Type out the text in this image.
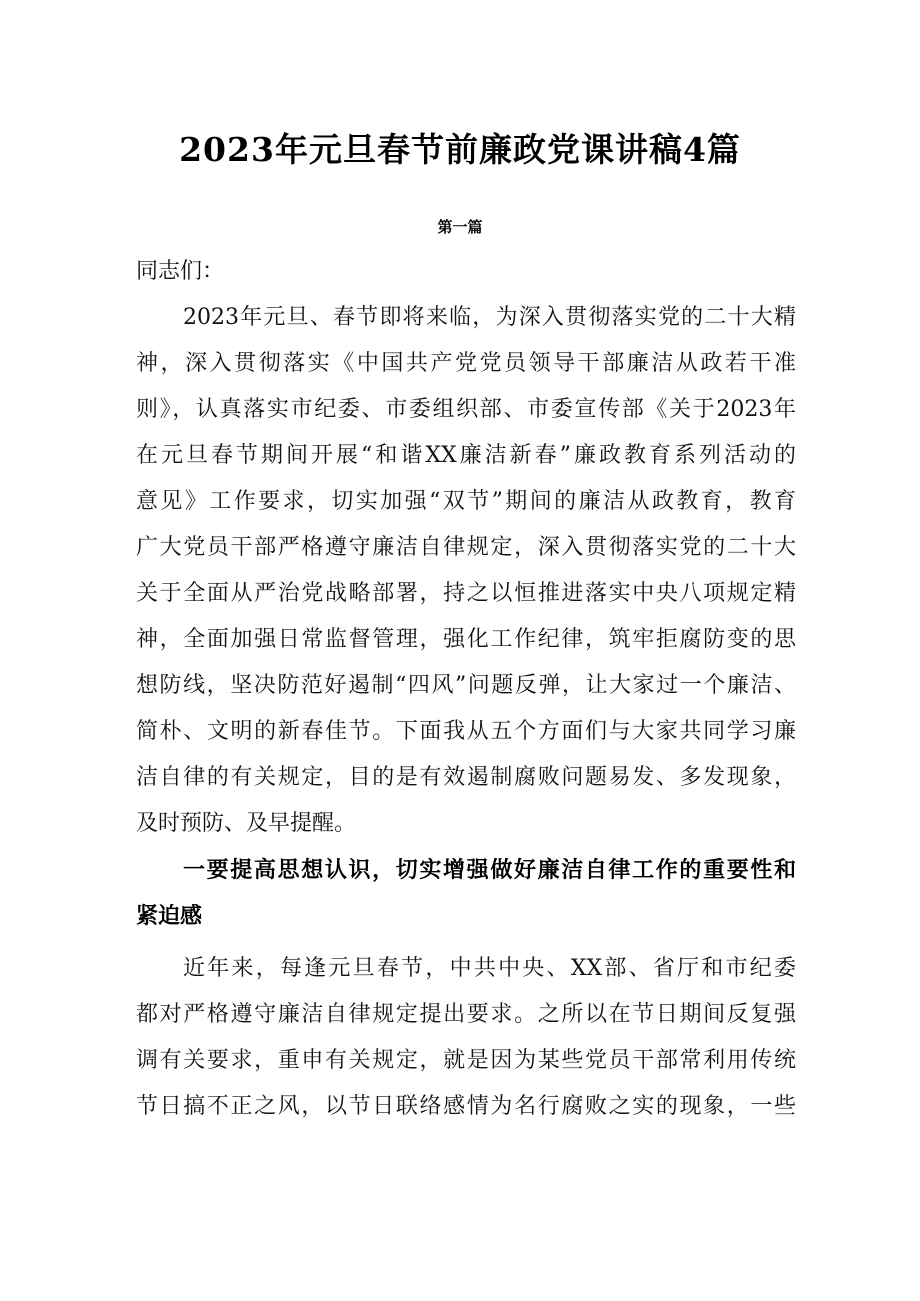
2023年元旦春节前廉政党课讲稿4篇
第一篇
同志们：
2023年元旦、春节即将来临，为深入贯彻落实党的二十大精
神，深入贯彻落实《中国共产党党员领导干部廉洁从政若干准
则》，认真落实市纪委、市委组织部、市委宣传部《关于2023年
在元旦春节期间开展“和谐XX廉洁新春”廉政教育系列活动的
意见》工作要求，切实加强“双节”期间的廉洁从政教育，教育
广大党员干部严格遵守廉洁自律规定，深入贯彻落实党的二十大
关于全面从严治党战略部署，持之以恒推进落实中央八项规定精
神，全面加强日常监督管理，强化工作纪律，筑牢拒腐防变的思
想防线，坚决防范好遏制“四风”问题反弹，让大家过一个廉洁、
简朴、文明的新春佳节。下面我从五个方面们与大家共同学习廉
洁自律的有关规定，目的是有效遏制腐败问题易发、多发现象，
及时预防、及早提醒。
一要提高思想认识，切实增强做好廉洁自律工作的重要性和
紧迫感
近年来，每逢元旦春节，中共中央、XX部、省厅和市纪委
都对严格遵守廉洁自律规定提出要求。之所以在节日期间反复强
调有关要求，重申有关规定，就是因为某些党员干部常利用传统
节日搞不正之风，以节日联络感情为名行腐败之实的现象，一些
